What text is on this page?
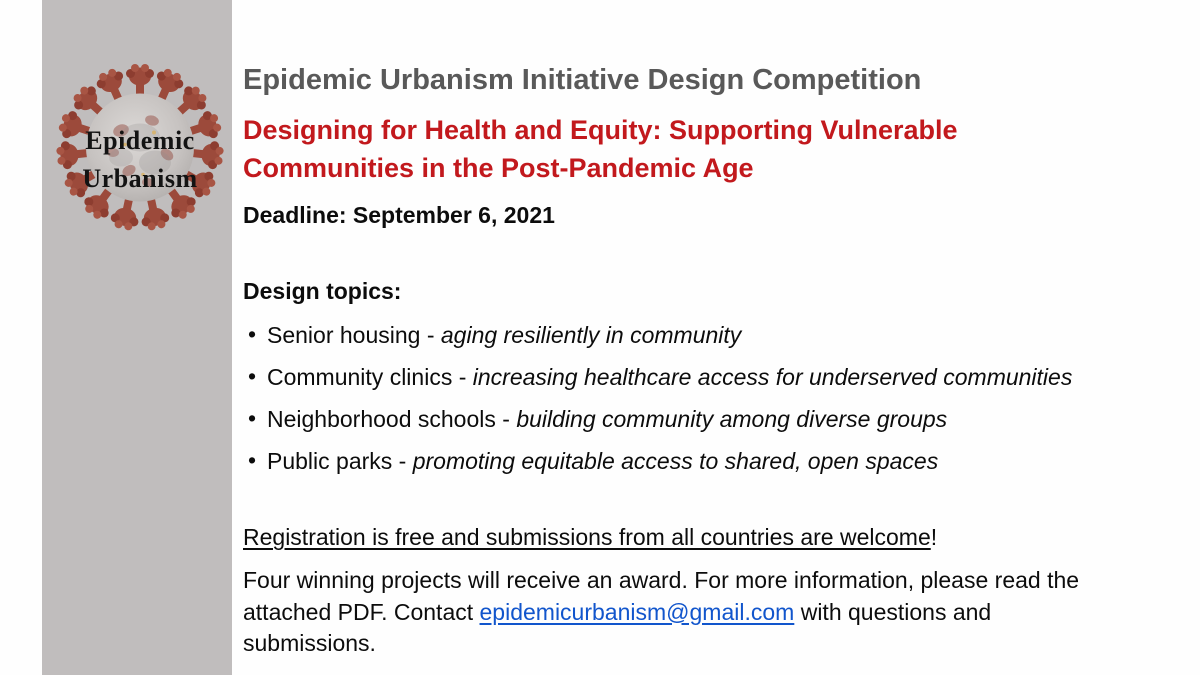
Epidemic
Urbanism
Epidemic Urbanism Initiative Design Competition
Designing for Health and Equity: Supporting Vulnerable
Communities in the Post-Pandemic Age

Deadline: September 6, 2021

Design topics:

• Senior housing - aging resiliently in community
• Community clinics - increasing healthcare access for underserved communities
• Neighborhood schools - building community among diverse groups
• Public parks - promoting equitable access to shared, open spaces

Registration is free and submissions from all countries are welcome!

Four winning projects will receive an award. For more information, please read the
attached PDF. Contact epidemicurbanism@gmail.com with questions and
submissions.
